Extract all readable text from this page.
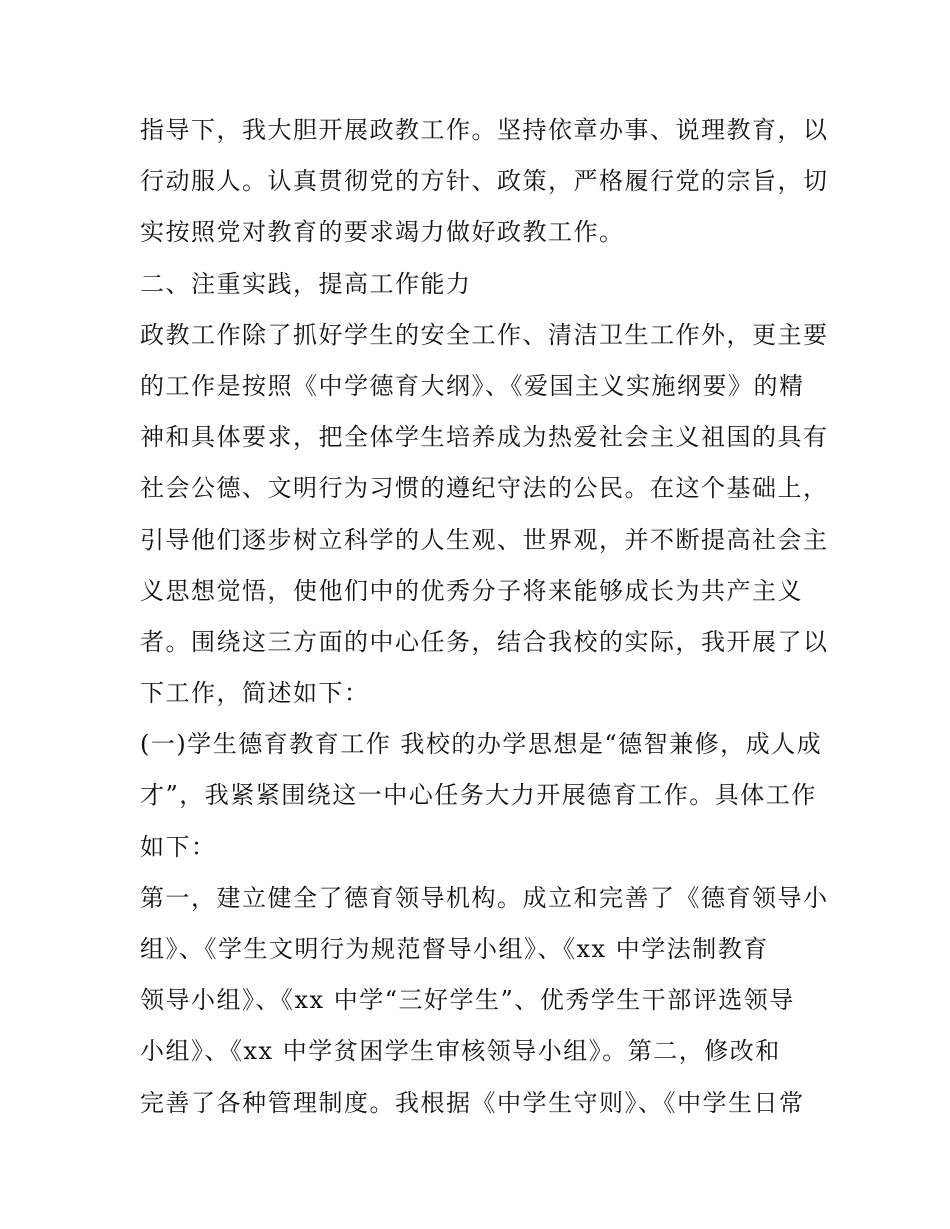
指导下，我大胆开展政教工作。坚持依章办事、说理教育，以
行动服人。认真贯彻党的方针、政策，严格履行党的宗旨，切
实按照党对教育的要求竭力做好政教工作。
二、注重实践，提高工作能力
政教工作除了抓好学生的安全工作、清洁卫生工作外，更主要
的工作是按照《中学德育大纲》、《爱国主义实施纲要》的精
神和具体要求，把全体学生培养成为热爱社会主义祖国的具有
社会公德、文明行为习惯的遵纪守法的公民。在这个基础上，
引导他们逐步树立科学的人生观、世界观，并不断提高社会主
义思想觉悟，使他们中的优秀分子将来能够成长为共产主义
者。围绕这三方面的中心任务，结合我校的实际，我开展了以
下工作，简述如下：
(一)学生德育教育工作 我校的办学思想是“德智兼修，成人成
才”，我紧紧围绕这一中心任务大力开展德育工作。具体工作
如下：
第一，建立健全了德育领导机构。成立和完善了《德育领导小
组》、《学生文明行为规范督导小组》、《xx 中学法制教育
领导小组》、《xx 中学“三好学生”、优秀学生干部评选领导
小组》、《xx 中学贫困学生审核领导小组》。第二，修改和
完善了各种管理制度。我根据《中学生守则》、《中学生日常
